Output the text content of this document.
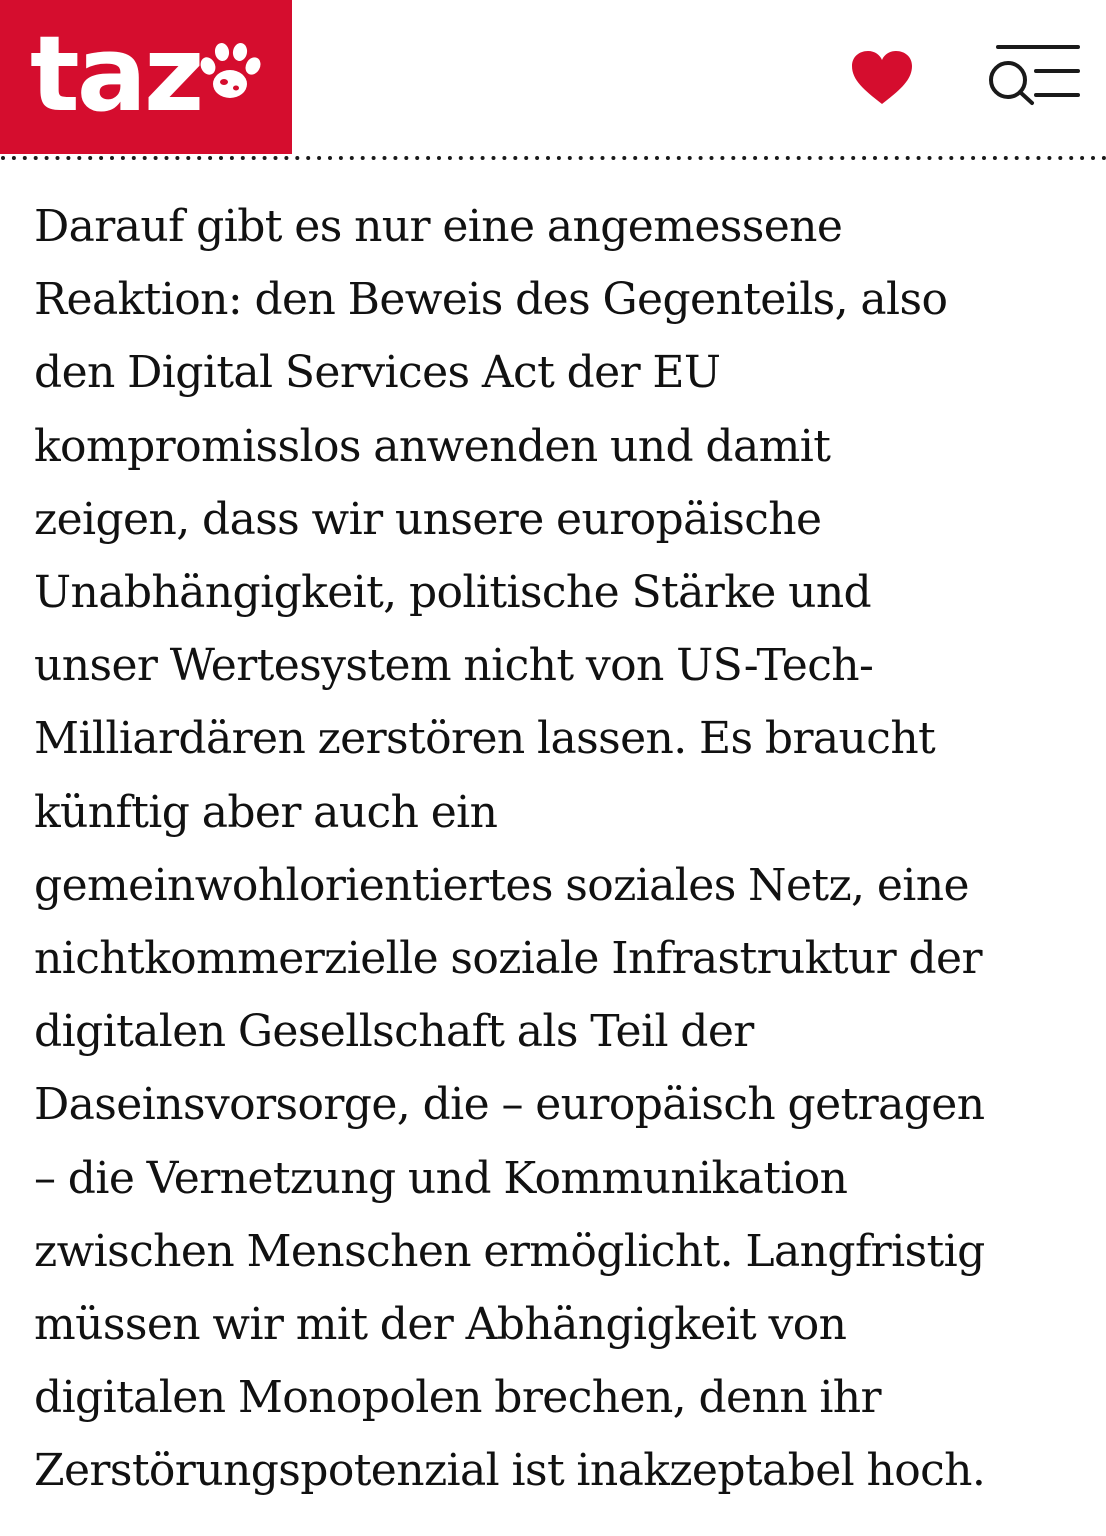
taz
Darauf gibt es nur eine angemessene
Reaktion: den Beweis des Gegenteils, also
den Digital Services Act der EU
kompromisslos anwenden und damit
zeigen, dass wir unsere europäische
Unabhängigkeit, politische Stärke und
unser Wertesystem nicht von US-Tech-
Milliardären zerstören lassen. Es braucht
künftig aber auch ein
gemeinwohlorientiertes soziales Netz, eine
nichtkommerzielle soziale Infrastruktur der
digitalen Gesellschaft als Teil der
Daseinsvorsorge, die – europäisch getragen
– die Vernetzung und Kommunikation
zwischen Menschen ermöglicht. Langfristig
müssen wir mit der Abhängigkeit von
digitalen Monopolen brechen, denn ihr
Zerstörungspotenzial ist inakzeptabel hoch.
